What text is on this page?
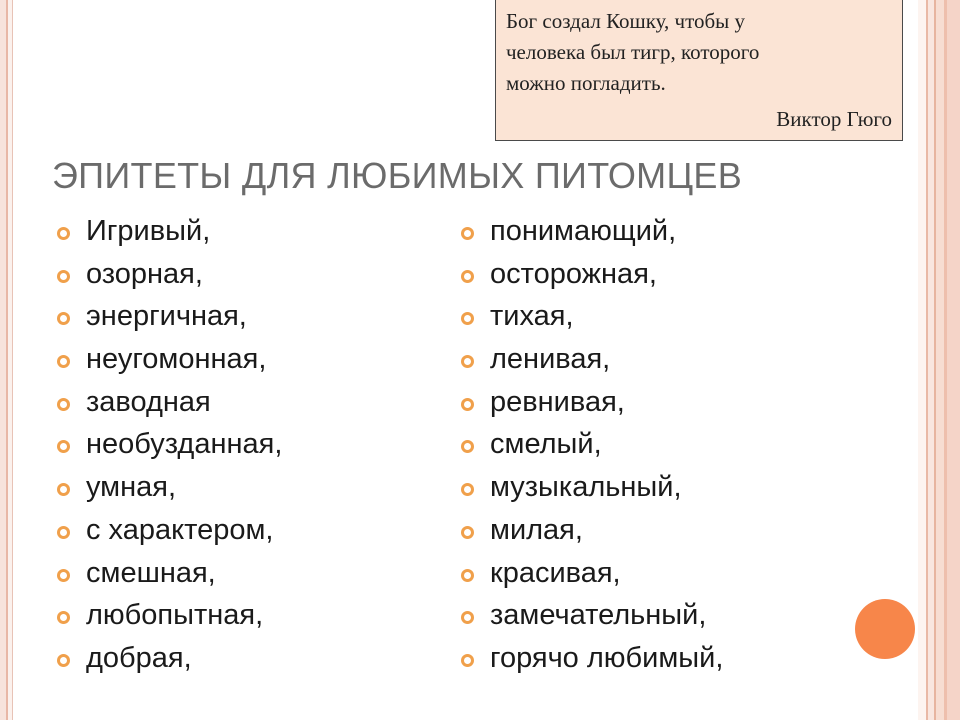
Бог создал Кошку, чтобы у
человека был тигр, которого
можно погладить.
Виктор Гюго
ЭПИТЕТЫ ДЛЯ ЛЮБИМЫХ ПИТОМЦЕВ
Игривый,
озорная,
энергичная,
неугомонная,
заводная
необузданная,
умная,
с характером,
смешная,
любопытная,
добрая,
понимающий,
осторожная,
тихая,
ленивая,
ревнивая,
смелый,
музыкальный,
милая,
красивая,
замечательный,
горячо любимый,
